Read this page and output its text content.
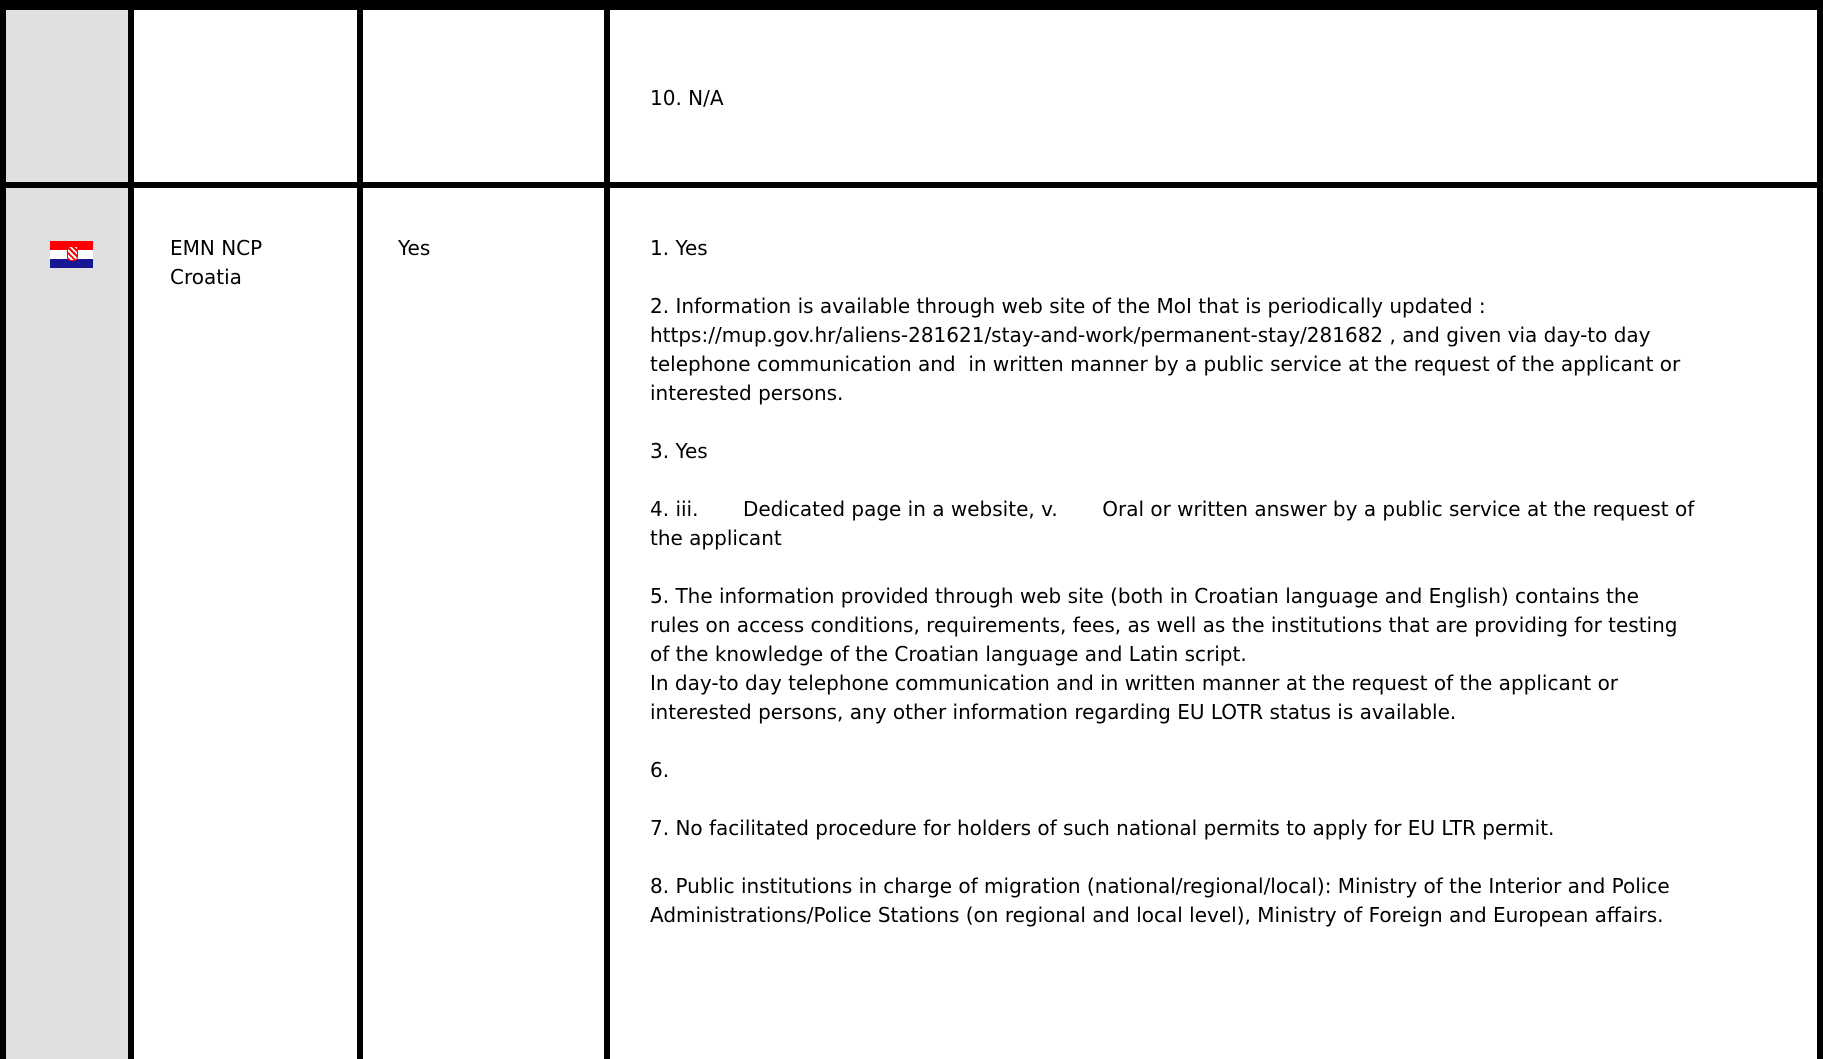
10. N/A

EMN NCP
Croatia

Yes	1. Yes

2. Information is available through web site of the MoI that is periodically updated :
https://mup.gov.hr/aliens-281621/stay-and-work/permanent-stay/281682 , and given via day-to day
telephone communication and  in written manner by a public service at the request of the applicant or
interested persons.

3. Yes

4. iii.       Dedicated page in a website, v.       Oral or written answer by a public service at the request of
the applicant

5. The information provided through web site (both in Croatian language and English) contains the
rules on access conditions, requirements, fees, as well as the institutions that are providing for testing
of the knowledge of the Croatian language and Latin script.
In day-to day telephone communication and in written manner at the request of the applicant or
interested persons, any other information regarding EU LOTR status is available.

6.

7. No facilitated procedure for holders of such national permits to apply for EU LTR permit.

8. Public institutions in charge of migration (national/regional/local): Ministry of the Interior and Police
Administrations/Police Stations (on regional and local level), Ministry of Foreign and European affairs.
